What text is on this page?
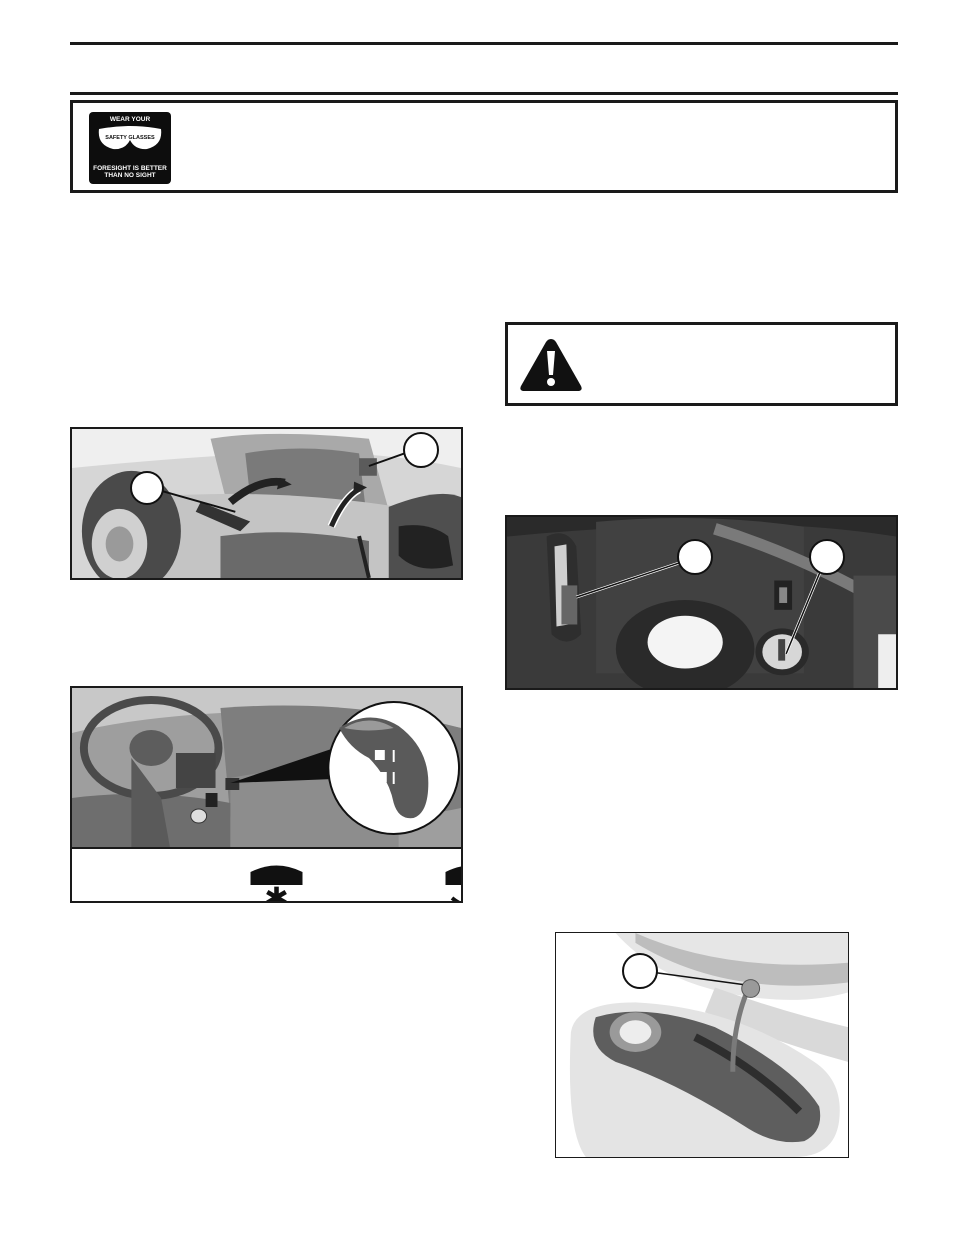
WEAR YOUR
SAFETY GLASSES
FORESIGHT IS BETTER
THAN NO SIGHT
✱	✱
